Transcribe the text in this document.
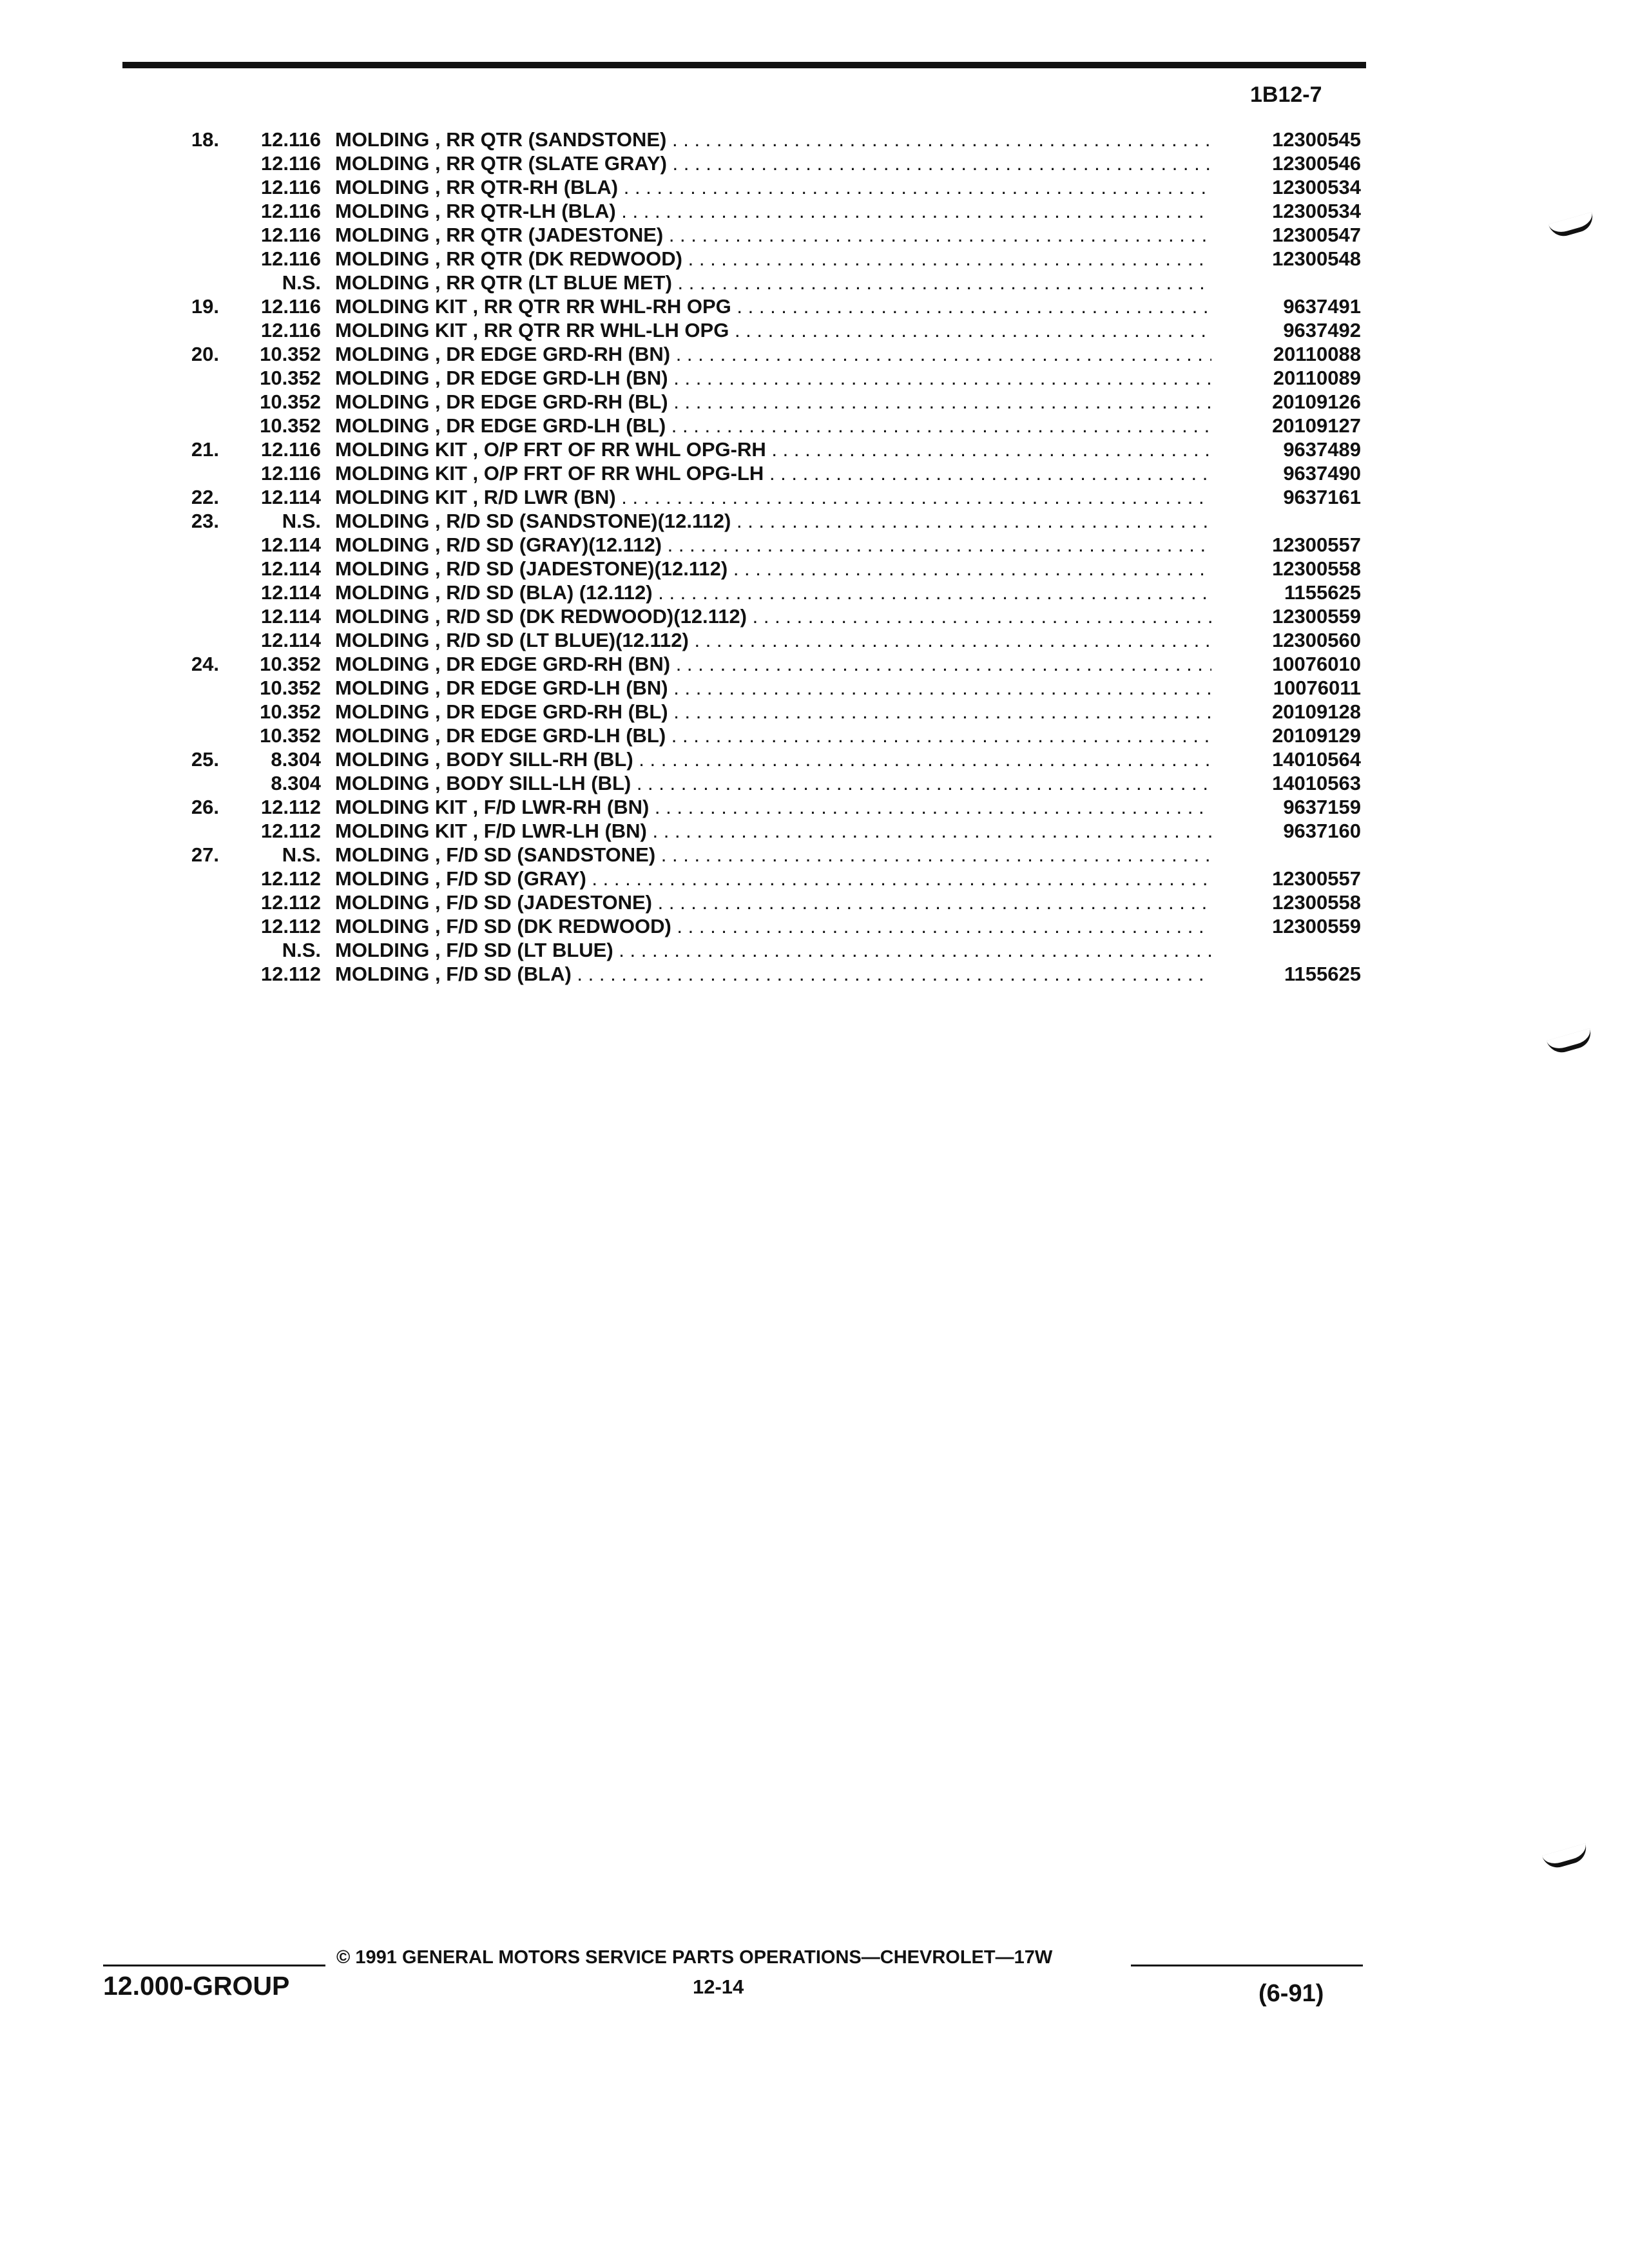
1B12-7
18.	12.116 MOLDING , RR QTR (SANDSTONE) . . .	12300545
12.116 MOLDING , RR QTR (SLATE GRAY) . . .	12300546
12.116 MOLDING , RR QTR-RH (BLA) . . .	12300534
12.116 MOLDING , RR QTR-LH (BLA) . . .	12300534
12.116 MOLDING , RR QTR (JADESTONE) . . .	12300547
12.116 MOLDING , RR QTR (DK REDWOOD) . . .	12300548
N.S. MOLDING , RR QTR (LT BLUE MET) . . .
19.	12.116 MOLDING KIT , RR QTR RR WHL-RH OPG . . .	9637491
12.116 MOLDING KIT , RR QTR RR WHL-LH OPG . . .	9637492
20.	10.352 MOLDING , DR EDGE GRD-RH (BN) . . .	20110088
10.352 MOLDING , DR EDGE GRD-LH (BN) . . .	20110089
10.352 MOLDING , DR EDGE GRD-RH (BL) . . .	20109126
10.352 MOLDING , DR EDGE GRD-LH (BL) . . .	20109127
21.	12.116 MOLDING KIT , O/P FRT OF RR WHL OPG-RH . . .	9637489
12.116 MOLDING KIT , O/P FRT OF RR WHL OPG-LH . . .	9637490
22.	12.114 MOLDING KIT , R/D LWR (BN) . . .	9637161
23.	N.S. MOLDING , R/D SD (SANDSTONE)(12.112) . . .
12.114 MOLDING , R/D SD (GRAY)(12.112) . . .	12300557
12.114 MOLDING , R/D SD (JADESTONE)(12.112) . . .	12300558
12.114 MOLDING , R/D SD (BLA) (12.112) . . .	1155625
12.114 MOLDING , R/D SD (DK REDWOOD)(12.112) . . .	12300559
12.114 MOLDING , R/D SD (LT BLUE)(12.112) . . .	12300560
24.	10.352 MOLDING , DR EDGE GRD-RH (BN) . . .	10076010
10.352 MOLDING , DR EDGE GRD-LH (BN) . . .	10076011
10.352 MOLDING , DR EDGE GRD-RH (BL) . . .	20109128
10.352 MOLDING , DR EDGE GRD-LH (BL) . . .	20109129
25.	8.304 MOLDING , BODY SILL-RH (BL) . . .	14010564
8.304 MOLDING , BODY SILL-LH (BL) . . .	14010563
26.	12.112 MOLDING KIT , F/D LWR-RH (BN) . . .	9637159
12.112 MOLDING KIT , F/D LWR-LH (BN) . . .	9637160
27.	N.S. MOLDING , F/D SD (SANDSTONE) . . .
12.112 MOLDING , F/D SD (GRAY) . . .	12300557
12.112 MOLDING , F/D SD (JADESTONE) . . .	12300558
12.112 MOLDING , F/D SD (DK REDWOOD) . . .	12300559
N.S. MOLDING , F/D SD (LT BLUE) . . .
12.112 MOLDING , F/D SD (BLA) . . .	1155625
© 1991 GENERAL MOTORS SERVICE PARTS OPERATIONS—CHEVROLET—17W
12.000-GROUP	12-14	(6-91)
